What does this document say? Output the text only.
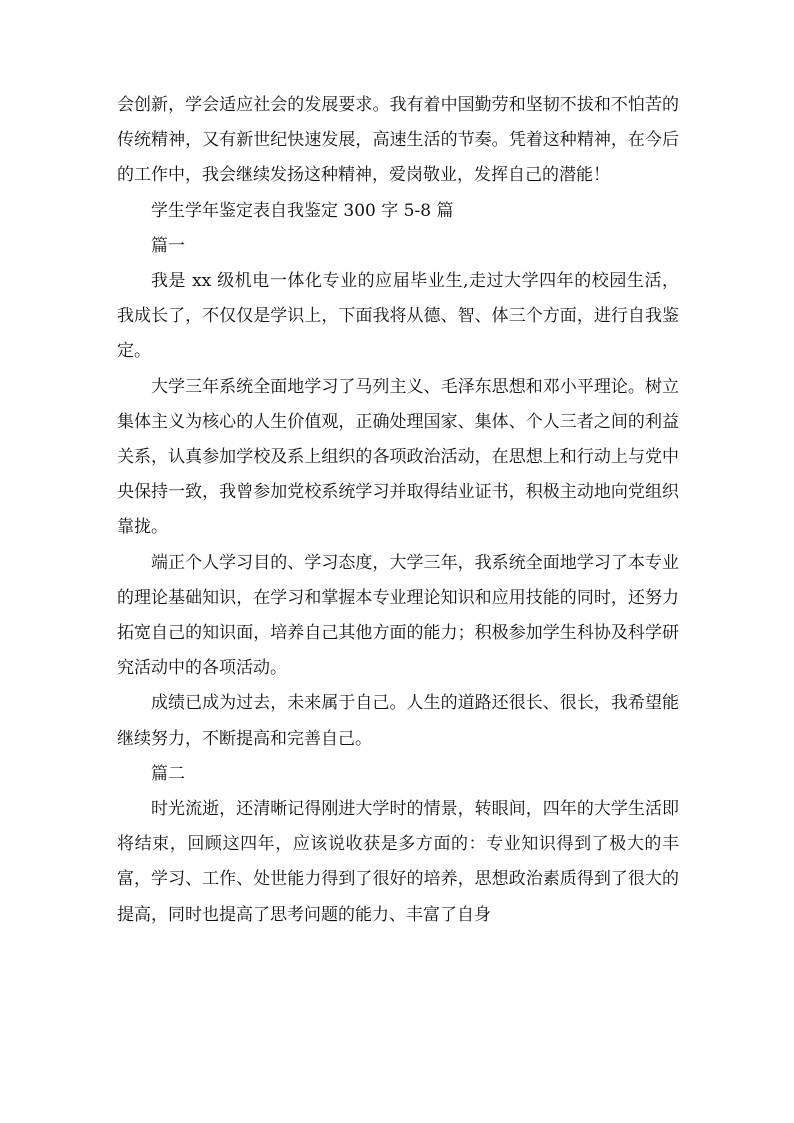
会创新，学会适应社会的发展要求。我有着中国勤劳和坚韧不拔和不怕苦的传统精神，又有新世纪快速发展，高速生活的节奏。凭着这种精神，在今后的工作中，我会继续发扬这种精神，爱岗敬业，发挥自己的潜能！

学生学年鉴定表自我鉴定 300 字 5-8 篇

篇一

我是 xx 级机电一体化专业的应届毕业生,走过大学四年的校园生活，我成长了，不仅仅是学识上，下面我将从德、智、体三个方面，进行自我鉴定。

大学三年系统全面地学习了马列主义、毛泽东思想和邓小平理论。树立集体主义为核心的人生价值观，正确处理国家、集体、个人三者之间的利益关系，认真参加学校及系上组织的各项政治活动，在思想上和行动上与党中央保持一致，我曾参加党校系统学习并取得结业证书，积极主动地向党组织靠拢。

端正个人学习目的、学习态度，大学三年，我系统全面地学习了本专业的理论基础知识，在学习和掌握本专业理论知识和应用技能的同时，还努力拓宽自己的知识面，培养自己其他方面的能力；积极参加学生科协及科学研究活动中的各项活动。

成绩已成为过去，未来属于自己。人生的道路还很长、很长，我希望能继续努力，不断提高和完善自己。

篇二

时光流逝，还清晰记得刚进大学时的情景，转眼间，四年的大学生活即将结束，回顾这四年，应该说收获是多方面的：专业知识得到了极大的丰富，学习、工作、处世能力得到了很好的培养，思想政治素质得到了很大的提高，同时也提高了思考问题的能力、丰富了自身
